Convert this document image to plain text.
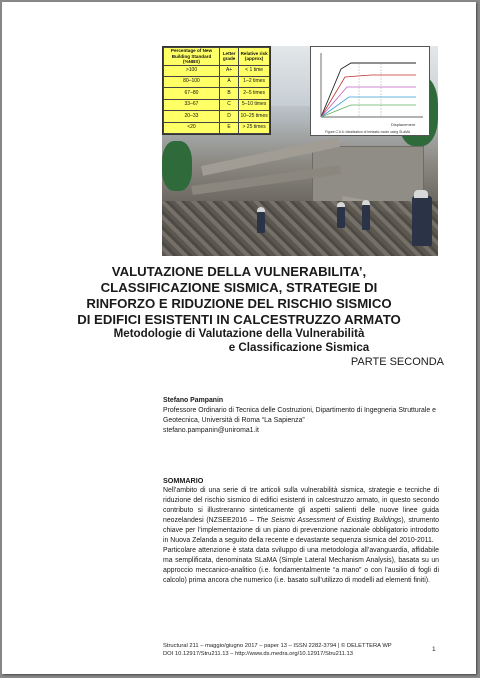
Percentage of New Building Standard (%NBS)	Letter grade	Relative risk (approx)
>100	A+	< 1 time
80–100	A	1–2 times
67–80	B	2–5 times
33–67	C	5–10 times
20–33	D	10–25 times
<20	E	> 25 times	Displacement
Figure C.6.6: Idealisation of inelastic mode using SLaMA
VALUTAZIONE DELLA VULNERABILITA’,
CLASSIFICAZIONE SISMICA, STRATEGIE DI
RINFORZO E RIDUZIONE DEL RISCHIO SISMICO
DI EDIFICI ESISTENTI IN CALCESTRUZZO ARMATO
Metodologie di Valutazione della Vulnerabilità
e Classificazione Sismica
PARTE SECONDA
Stefano Pampanin
Professore Ordinario di Tecnica delle Costruzioni, Dipartimento di Ingegneria Strutturale e Geotecnica, Università di Roma “La Sapienza”
stefano.pampanin@uniroma1.it
SOMMARIO

Nell’ambito di una serie di tre articoli sulla vulnerabilità sismica, strategie e tecniche di riduzione del rischio sismico di edifici esistenti in calcestruzzo armato, in questo secondo contributo si illustreranno sinteticamente gli aspetti salienti delle nuove linee guida neozelandesi (NZSEE2016 – The Seismic Assessment of Existing Buildings), strumento chiave per l’implementazione di un piano di prevenzione nazionale obbligatorio introdotto in Nuova Zelanda a seguito della recente e devastante sequenza sismica del 2010-2011.

Particolare attenzione è stata data sviluppo di una metodologia all’avanguardia, affidabile ma semplificata, denominata SLaMA (Simple Lateral Mechanism Analysis), basata su un approccio meccanico-analitico (i.e. fondamentalmente “a mano” o con l’ausilio di fogli di calcolo) prima ancora che numerico (i.e. basato sull’utilizzo di modelli ad elementi finiti).

Structural 211 – maggio/giugno 2017 – paper 13 – ISSN 2282-3794 | © DELETTERA WP
DOI 10.12917/Stru211.13 – http://www.ds.medra.org/10.12917/Stru211.13
1
